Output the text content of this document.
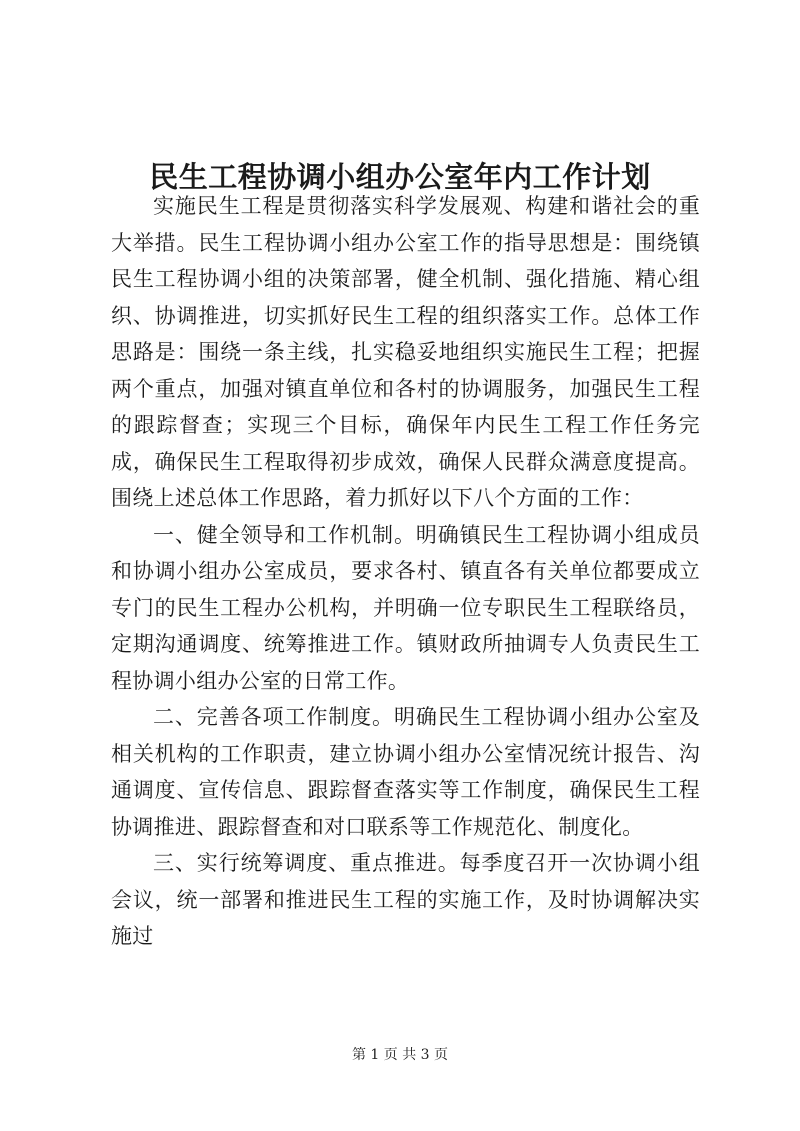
民生工程协调小组办公室年内工作计划

实施民生工程是贯彻落实科学发展观、构建和谐社会的重大举措。民生工程协调小组办公室工作的指导思想是：围绕镇民生工程协调小组的决策部署，健全机制、强化措施、精心组织、协调推进，切实抓好民生工程的组织落实工作。总体工作思路是：围绕一条主线，扎实稳妥地组织实施民生工程；把握两个重点，加强对镇直单位和各村的协调服务，加强民生工程的跟踪督查；实现三个目标，确保年内民生工程工作任务完成，确保民生工程取得初步成效，确保人民群众满意度提高。围绕上述总体工作思路，着力抓好以下八个方面的工作：

一、健全领导和工作机制。明确镇民生工程协调小组成员和协调小组办公室成员，要求各村、镇直各有关单位都要成立专门的民生工程办公机构，并明确一位专职民生工程联络员，定期沟通调度、统筹推进工作。镇财政所抽调专人负责民生工程协调小组办公室的日常工作。

二、完善各项工作制度。明确民生工程协调小组办公室及相关机构的工作职责，建立协调小组办公室情况统计报告、沟通调度、宣传信息、跟踪督查落实等工作制度，确保民生工程协调推进、跟踪督查和对口联系等工作规范化、制度化。

三、实行统筹调度、重点推进。每季度召开一次协调小组会议，统一部署和推进民生工程的实施工作，及时协调解决实施过

第 1 页 共 3 页
